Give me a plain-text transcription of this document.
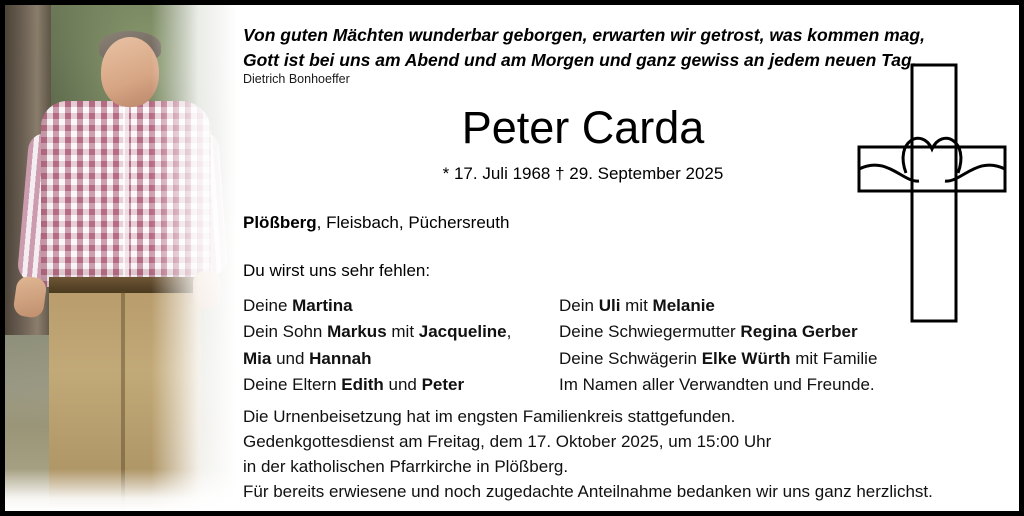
Von guten Mächten wunderbar geborgen, erwarten wir getrost, was kommen mag,
Gott ist bei uns am Abend und am Morgen und ganz gewiss an jedem neuen Tag.
Dietrich Bonhoeffer
Peter Carda
* 17. Juli 1968 † 29. September 2025
Plößberg, Fleisbach, Püchersreuth
Du wirst uns sehr fehlen:
Deine Martina
Dein Sohn Markus mit Jacqueline,
Mia und Hannah
Deine Eltern Edith und Peter
Dein Uli mit Melanie
Deine Schwiegermutter Regina Gerber
Deine Schwägerin Elke Würth mit Familie
Im Namen aller Verwandten und Freunde.
Die Urnenbeisetzung hat im engsten Familienkreis stattgefunden.
Gedenkgottesdienst am Freitag, dem 17. Oktober 2025, um 15:00 Uhr
in der katholischen Pfarrkirche in Plößberg.
Für bereits erwiesene und noch zugedachte Anteilnahme bedanken wir uns ganz herzlichst.
